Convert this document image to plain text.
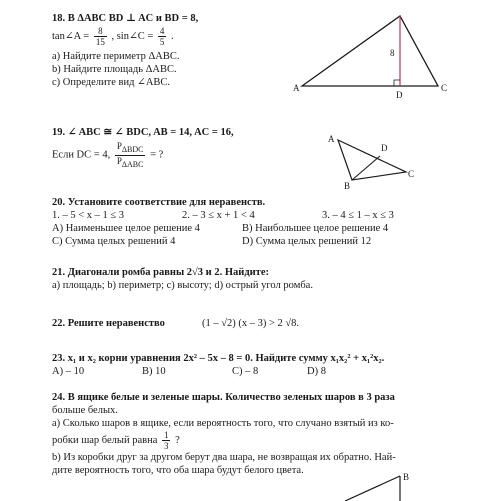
18. В ΔABC BD ⊥ AC и BD = 8,
tan∠A = $\frac{8}{15}$ , sin∠C = $\frac{4}{5}$ .
a) Найдите периметр ΔABC.
b) Найдите площадь ΔABC.
c) Определите вид ∠ABC.	A
D
C
8
19. ∠ ABC ≅ ∠ BDC, AB = 14, AC = 16,
Если DC = 4, $\frac{P_{\Delta BDC}}{P_{\Delta ABC}}$ = ?
A
D
C
B
20. Установите соответствие для неравенств.
1. – 5 < x – 1 ≤ 3	2. – 3 ≤ x + 1 < 4	3. – 4 ≤ 1 – x ≤ 3
A) Наименьшее целое решение 4	B) Наибольшее целое решение 4
C) Сумма целых решений 4	D) Сумма целых решений 12
21. Диагонали ромба равны 2√3 и 2. Найдите:
a) площадь; b) периметр; c) высоту; d) острый угол ромба.
22. Решите неравенство	(1 – √2) (x – 3) > 2 √8.
23. x₁ и x₂ корни уравнения 2x² – 5x – 8 = 0. Найдите сумму x₁x₂² + x₁²x₂.
A) – 10	B) 10	C) – 8	D) 8
24. В ящике белые и зеленые шары. Количество зеленых шаров в 3 раза
больше белых.
a) Сколько шаров в ящике, если вероятность того, что случано взятый из ко-
робки шар белый равна $\frac{1}{3}$ ?
b) Из коробки друг за другом берут два шара, не возвращая их обратно. Най-
дите вероятность того, что оба шара будут белого цвета.
B
